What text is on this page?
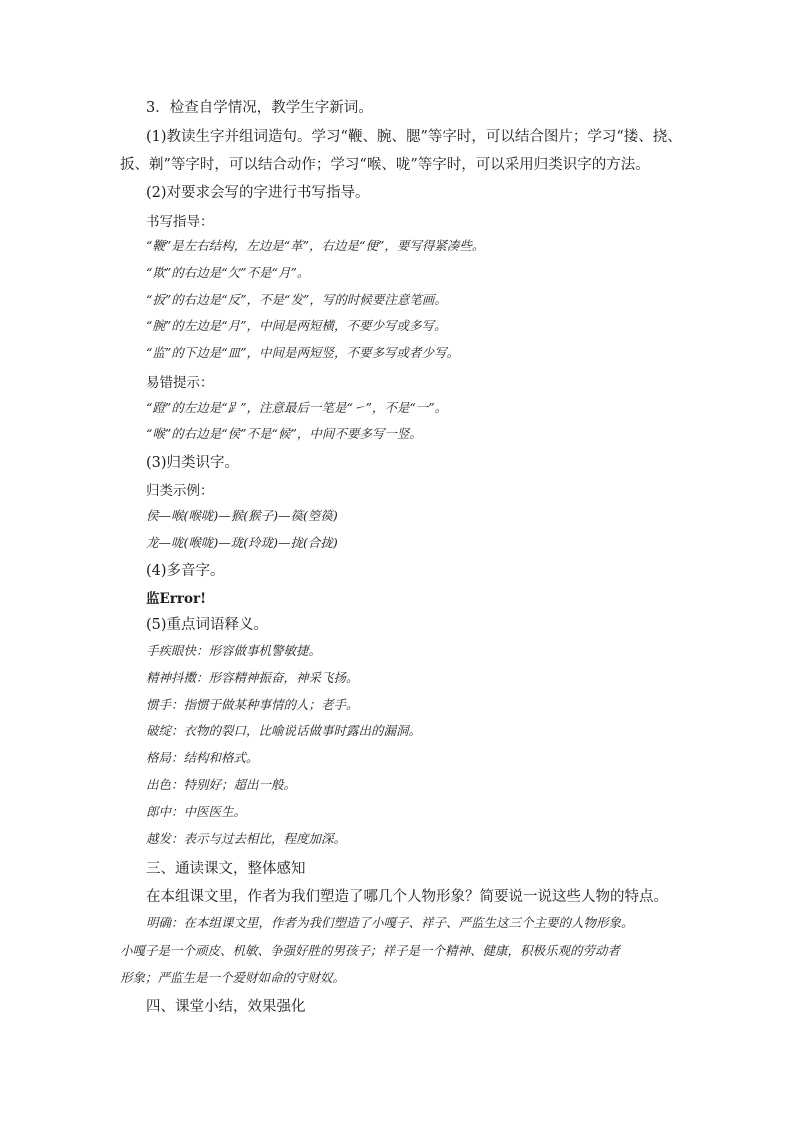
3．检查自学情况，教学生字新词。
(1)教读生字并组词造句。学习“鞭、腕、腮”等字时，可以结合图片；学习“搂、挠、
扳、剃”等字时，可以结合动作；学习“喉、咙”等字时，可以采用归类识字的方法。
(2)对要求会写的字进行书写指导。
书写指导：
“鞭”是左右结构，左边是“革”，右边是“便”，要写得紧凑些。
“欺”的右边是“欠”不是“月”。
“扳”的右边是“反”，不是“发”，写的时候要注意笔画。
“腕”的左边是“月”，中间是两短横，不要少写或多写。
“监”的下边是“皿”，中间是两短竖，不要多写或者少写。
易错提示：
“蹬”的左边是“𧾷”，注意最后一笔是“㇀”，不是“一”。
“喉”的右边是“侯”不是“候”，中间不要多写一竖。
(3)归类识字。
归类示例：
侯—喉(喉咙)—猴(猴子)—篌(箜篌)
龙—咙(喉咙)—珑(玲珑)—拢(合拢)
(4)多音字。
监Error!
(5)重点词语释义。
手疾眼快：形容做事机警敏捷。
精神抖擞：形容精神振奋，神采飞扬。
惯手：指惯于做某种事情的人；老手。
破绽：衣物的裂口，比喻说话做事时露出的漏洞。
格局：结构和格式。
出色：特别好；超出一般。
郎中：中医医生。
越发：表示与过去相比，程度加深。
三、通读课文，整体感知
在本组课文里，作者为我们塑造了哪几个人物形象？简要说一说这些人物的特点。
明确：在本组课文里，作者为我们塑造了小嘎子、祥子、严监生这三个主要的人物形象。
小嘎子是一个顽皮、机敏、争强好胜的男孩子；祥子是一个精神、健康，积极乐观的劳动者
形象；严监生是一个爱财如命的守财奴。
四、课堂小结，效果强化
